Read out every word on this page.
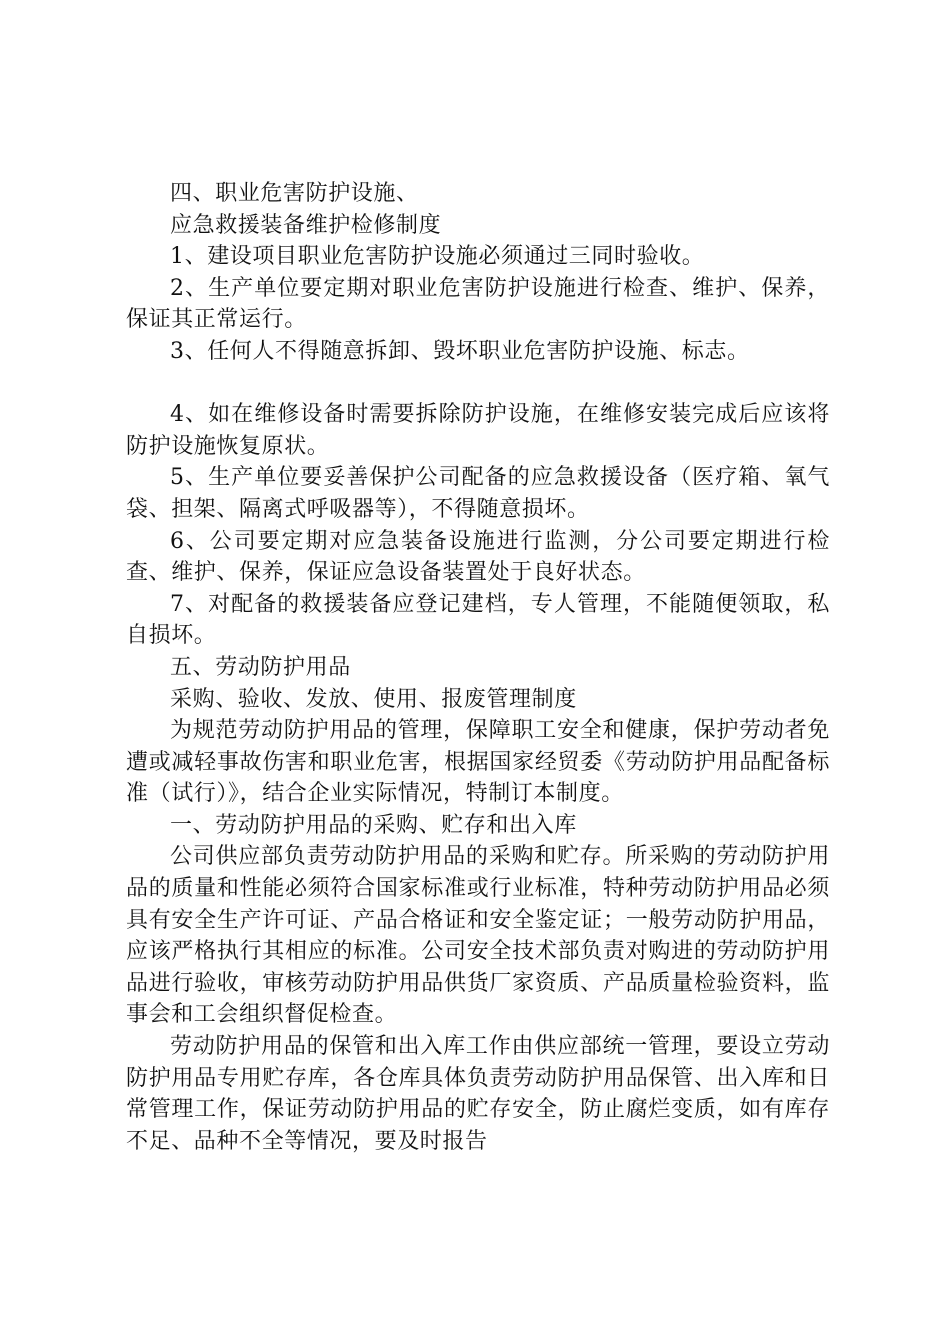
四、职业危害防护设施、

应急救援装备维护检修制度

1、建设项目职业危害防护设施必须通过三同时验收。

2、生产单位要定期对职业危害防护设施进行检查、维护、保养，保证其正常运行。

3、任何人不得随意拆卸、毁坏职业危害防护设施、标志。

4、如在维修设备时需要拆除防护设施，在维修安装完成后应该将防护设施恢复原状。

5、生产单位要妥善保护公司配备的应急救援设备（医疗箱、氧气袋、担架、隔离式呼吸器等），不得随意损坏。

6、公司要定期对应急装备设施进行监测，分公司要定期进行检查、维护、保养，保证应急设备装置处于良好状态。

7、对配备的救援装备应登记建档，专人管理，不能随便领取，私自损坏。

五、劳动防护用品

采购、验收、发放、使用、报废管理制度

为规范劳动防护用品的管理，保障职工安全和健康，保护劳动者免遭或减轻事故伤害和职业危害，根据国家经贸委《劳动防护用品配备标准（试行）》，结合企业实际情况，特制订本制度。

一、劳动防护用品的采购、贮存和出入库

公司供应部负责劳动防护用品的采购和贮存。所采购的劳动防护用品的质量和性能必须符合国家标准或行业标准，特种劳动防护用品必须具有安全生产许可证、产品合格证和安全鉴定证；一般劳动防护用品，应该严格执行其相应的标准。公司安全技术部负责对购进的劳动防护用品进行验收，审核劳动防护用品供货厂家资质、产品质量检验资料，监事会和工会组织督促检查。

劳动防护用品的保管和出入库工作由供应部统一管理，要设立劳动防护用品专用贮存库，各仓库具体负责劳动防护用品保管、出入库和日常管理工作，保证劳动防护用品的贮存安全，防止腐烂变质，如有库存不足、品种不全等情况，要及时报告
